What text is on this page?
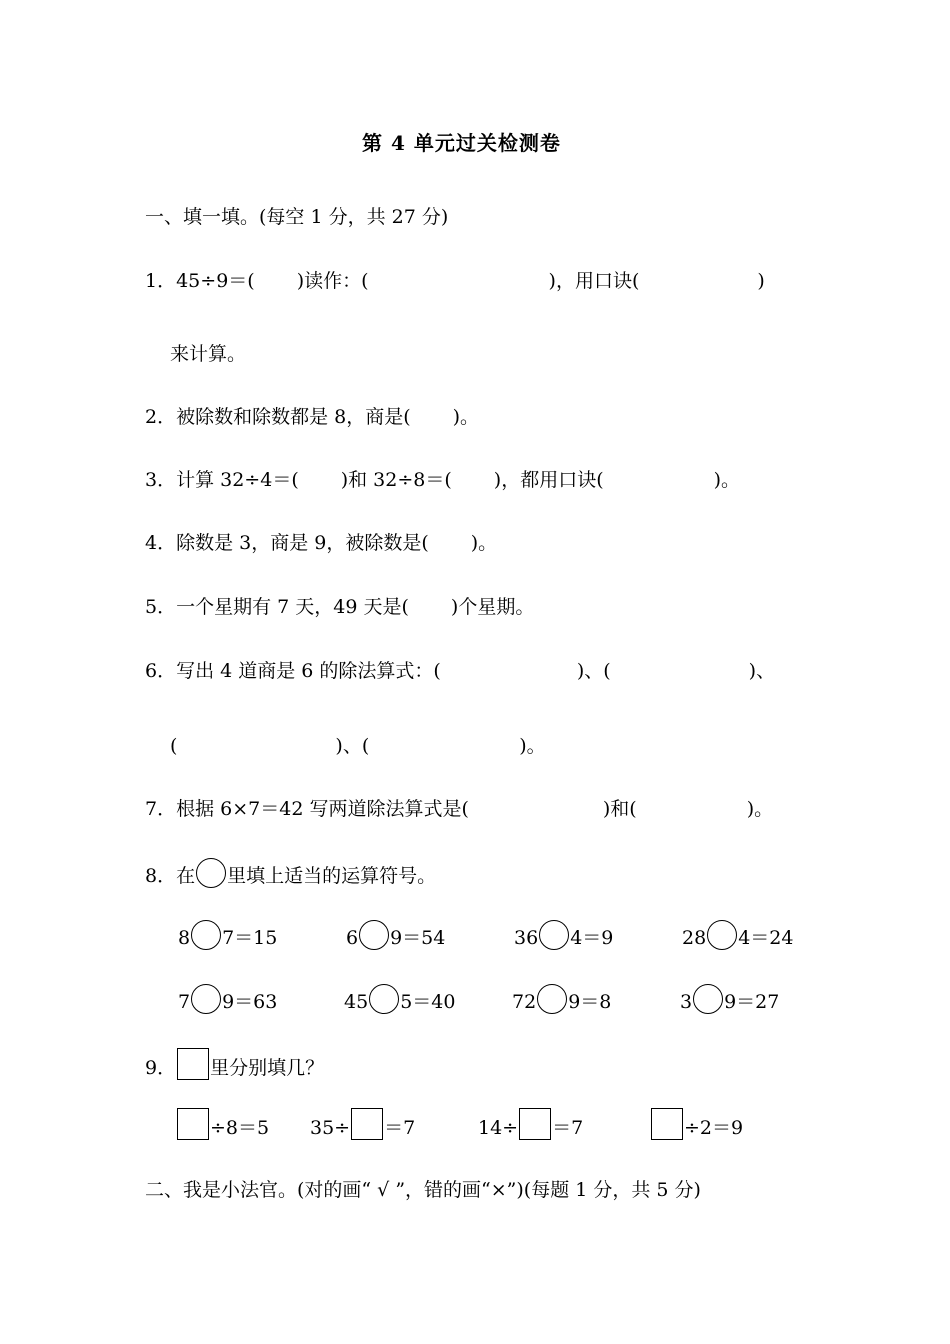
第 4 单元过关检测卷
一、填一填。(每空 1 分，共 27 分)
1．45÷9＝( )读作：(	)，用口诀(	)
来计算。
2．被除数和除数都是 8，商是( )。
3．计算 32÷4＝( )和 32÷8＝( )，都用口诀(	)。
4．除数是 3，商是 9，被除数是( )。
5．一个星期有 7 天，49 天是( )个星期。
6．写出 4 道商是 6 的除法算式：(	)、(	)、
(	)、(	)。
7．根据 6×7＝42 写两道除法算式是(	)和(	)。
8．在 里填上适当的运算符号。
8 7＝15	6 9＝54	36 4＝9	28 4＝24
7 9＝63	45 5＝40	72 9＝8	3 9＝27
9． 里分别填几？
÷8＝5 35÷ ＝7	14÷ ＝7	÷2＝9
二、我是小法官。(对的画“ √ ”，错的画“×”)(每题 1 分，共 5 分)
